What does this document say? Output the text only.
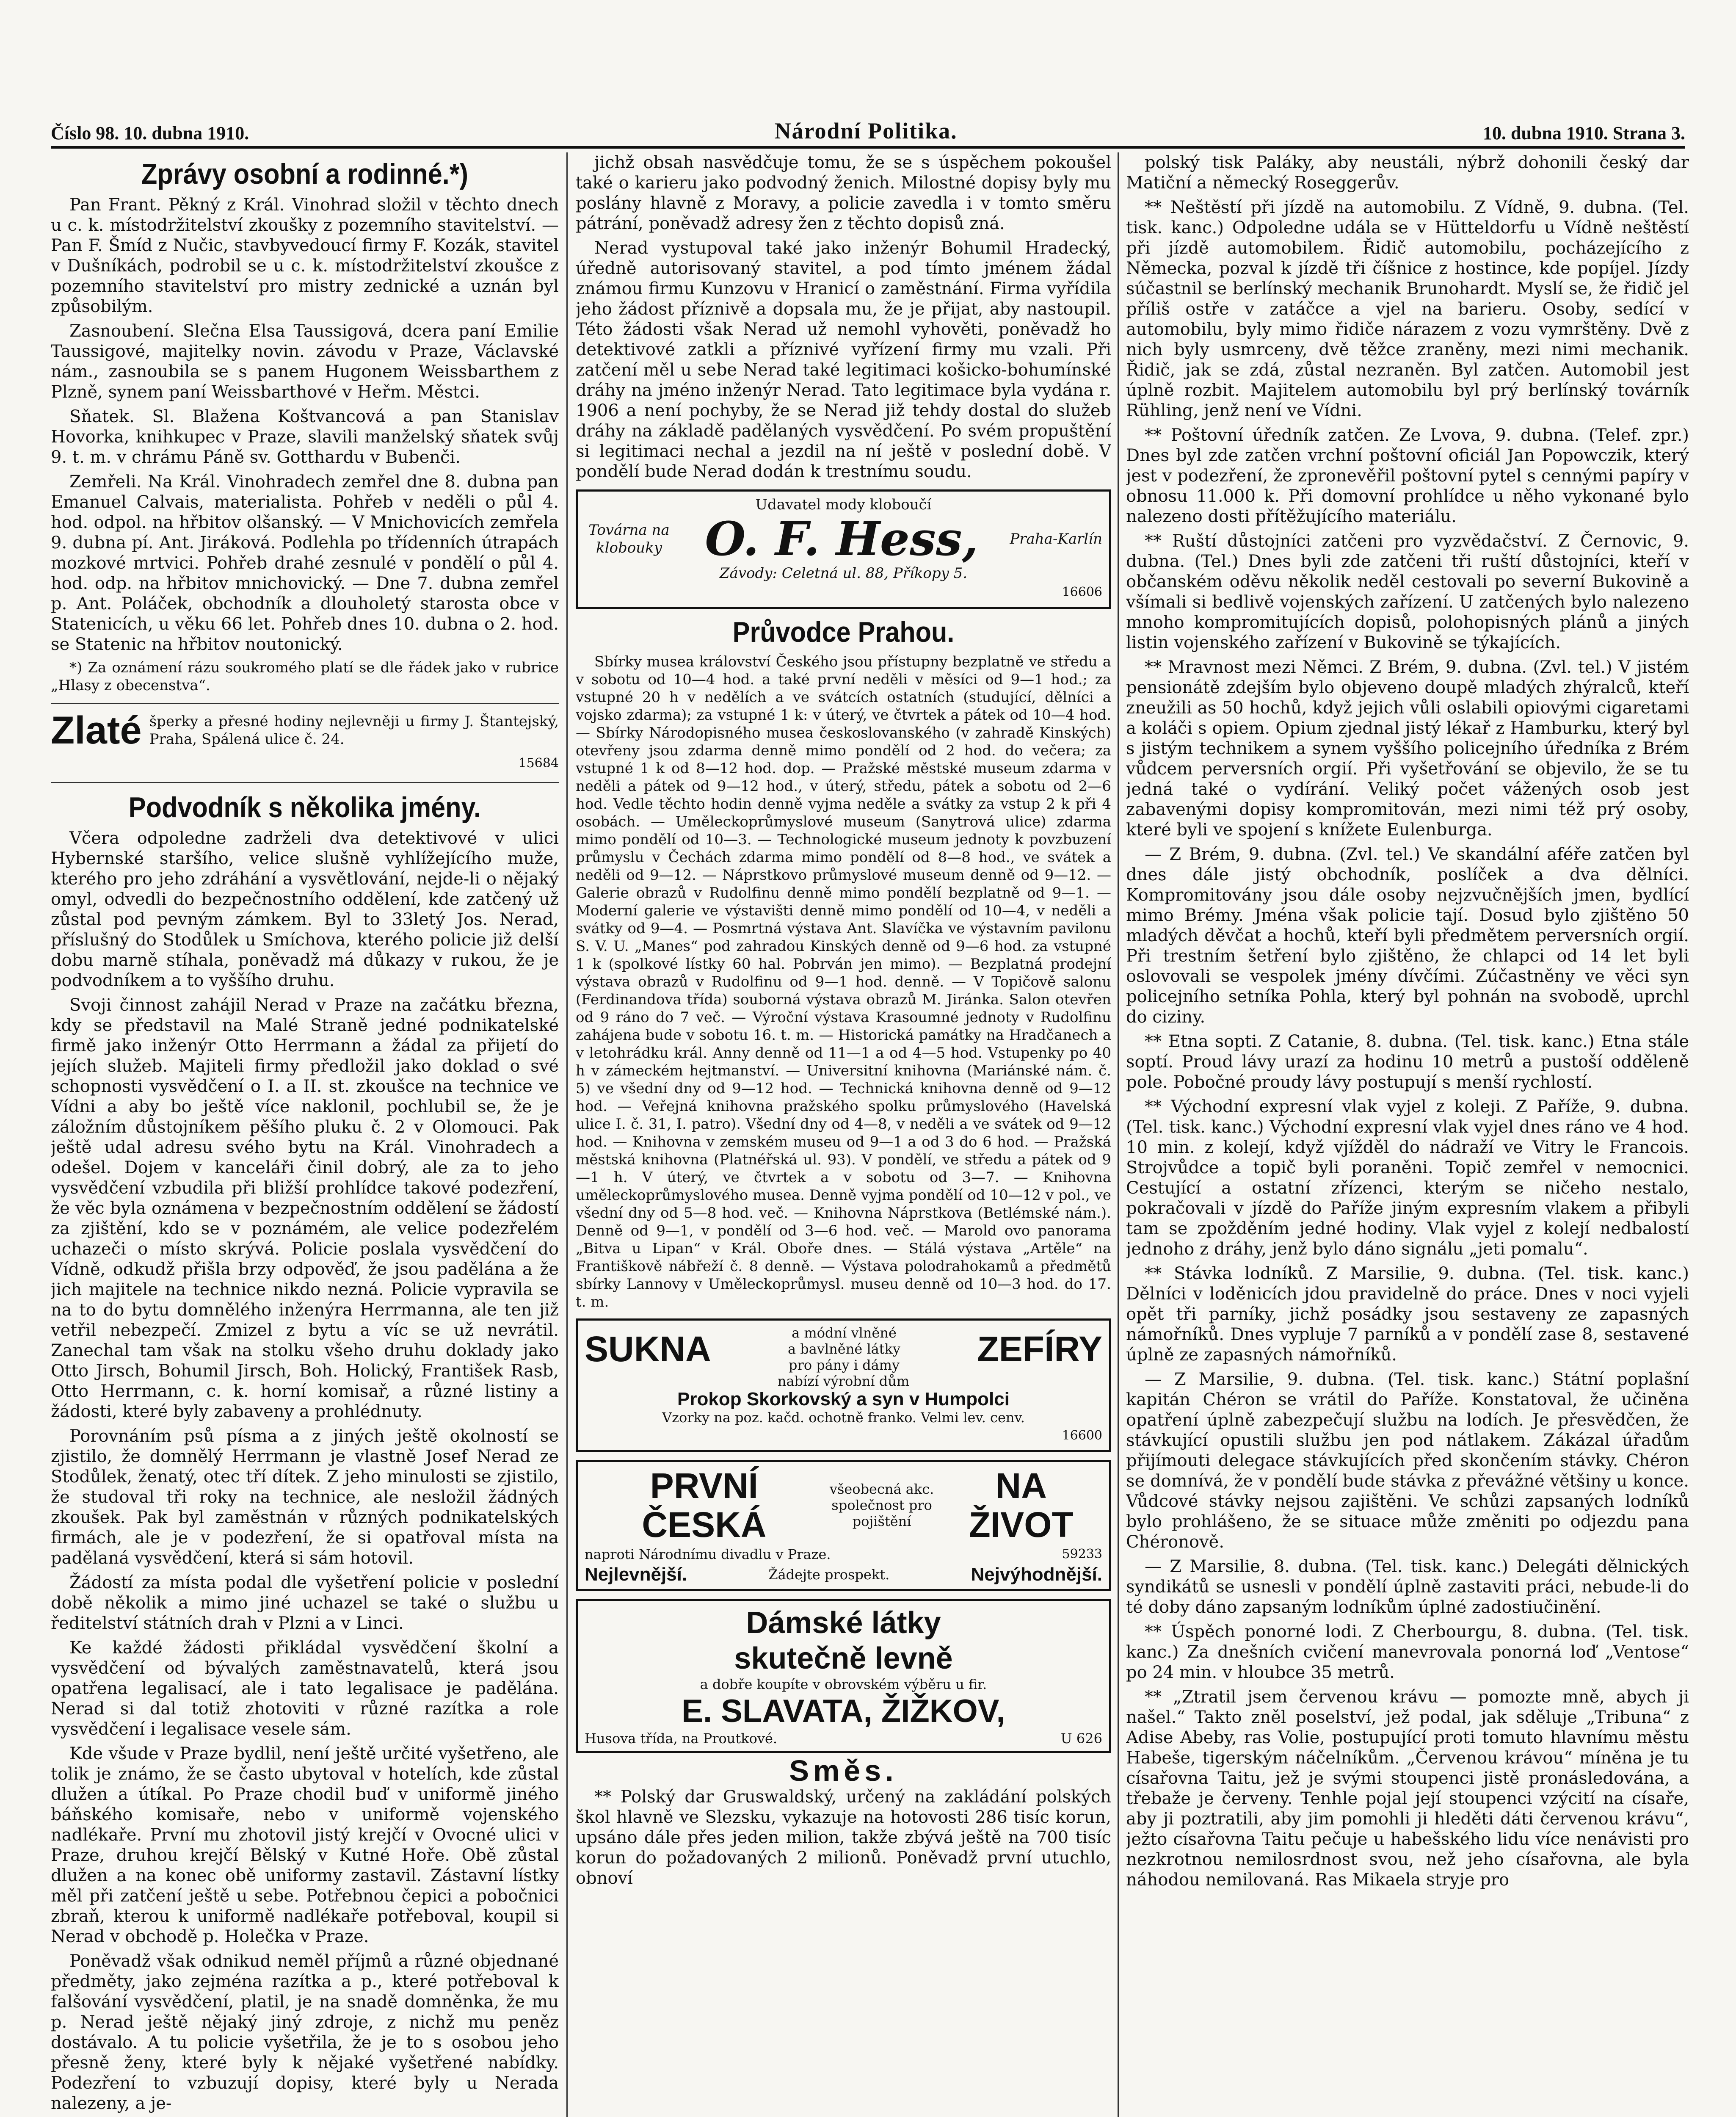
Číslo 98. 10. dubna 1910.	Národní Politika.	10. dubna 1910. Strana 3.
Zprávy osobní a rodinné.*)

Pan Frant. Pěkný z Král. Vinohrad složil v těchto dnech u c. k. místodržitelství zkoušky z pozemního stavitelství. — Pan F. Šmíd z Nučic, stavbyvedoucí firmy F. Kozák, stavitel v Dušníkách, podrobil se u c. k. místodržitelství zkoušce z pozemního stavitelství pro mistry zednické a uznán byl způsobilým.

Zasnoubení. Slečna Elsa Taussigová, dcera paní Emilie Taussigové, majitelky novin. závodu v Praze, Václavské nám., zasnoubila se s panem Hugonem Weissbarthem z Plzně, synem paní Weissbarthové v Heřm. Městci.

Sňatek. Sl. Blažena Koštvancová a pan Stanislav Hovorka, knihkupec v Praze, slavili manželský sňatek svůj 9. t. m. v chrámu Páně sv. Gotthardu v Bubenči.

Zemřeli. Na Král. Vinohradech zemřel dne 8. dubna pan Emanuel Calvais, materialista. Pohřeb v neděli o půl 4. hod. odpol. na hřbitov olšanský. — V Mnichovicích zemřela 9. dubna pí. Ant. Jiráková. Podlehla po třídenních útrapách mozkové mrtvici. Pohřeb drahé zesnulé v pondělí o půl 4. hod. odp. na hřbitov mnichovický. — Dne 7. dubna zemřel p. Ant. Poláček, obchodník a dlouholetý starosta obce v Statenicích, u věku 66 let. Pohřeb dnes 10. dubna o 2. hod. se Statenic na hřbitov noutonický.

*) Za oznámení rázu soukromého platí se dle řádek jako v rubrice „Hlasy z obecenstva“.

Zlaté šperky a přesné hodiny nejlevněji u firmy J. Štantejský, Praha, Spálená ulice č. 24.
15684
Podvodník s několika jmény.

Včera odpoledne zadrželi dva detektivové v ulici Hybernské staršího, velice slušně vyhlížejícího muže, kterého pro jeho zdráhání a vysvětlování, nejde-li o nějaký omyl, odvedli do bezpečnostního oddělení, kde zatčený už zůstal pod pevným zámkem. Byl to 33letý Jos. Nerad, příslušný do Stodůlek u Smíchova, kterého policie již delší dobu marně stíhala, poněvadž má důkazy v rukou, že je podvodníkem a to vyššího druhu.

Svoji činnost zahájil Nerad v Praze na začátku března, kdy se představil na Malé Straně jedné podnikatelské firmě jako inženýr Otto Herrmann a žádal za přijetí do jejích služeb. Majiteli firmy předložil jako doklad o své schopnosti vysvědčení o I. a II. st. zkoušce na technice ve Vídni a aby bo ještě více naklonil, pochlubil se, že je záložním důstojníkem pěšího pluku č. 2 v Olomouci. Pak ještě udal adresu svého bytu na Král. Vinohradech a odešel. Dojem v kanceláři činil dobrý, ale za to jeho vysvědčení vzbudila při bližší prohlídce takové podezření, že věc byla oznámena v bezpečnostním oddělení se žádostí za zjištění, kdo se v poznámém, ale velice podezřelém uchazeči o místo skrývá. Policie poslala vysvědčení do Vídně, odkudž přišla brzy odpověď, že jsou padělána a že jich majitele na technice nikdo nezná. Policie vypravila se na to do bytu domnělého inženýra Herrmanna, ale ten již vetřil nebezpečí. Zmizel z bytu a víc se už nevrátil. Zanechal tam však na stolku všeho druhu doklady jako Otto Jirsch, Bohumil Jirsch, Boh. Holický, František Rasb, Otto Herrmann, c. k. horní komisař, a různé listiny a žádosti, které byly zabaveny a prohlédnuty.

Porovnáním psů písma a z jiných ještě okolností se zjistilo, že domnělý Herrmann je vlastně Josef Nerad ze Stodůlek, ženatý, otec tří dítek. Z jeho minulosti se zjistilo, že studoval tři roky na technice, ale nesložil žádných zkoušek. Pak byl zaměstnán v různých podnikatelských firmách, ale je v podezření, že si opatřoval místa na padělaná vysvědčení, která si sám hotovil.

Žádostí za místa podal dle vyšetření policie v poslední době několik a mimo jiné uchazel se také o službu u ředitelství státních drah v Plzni a v Linci.

Ke každé žádosti přikládal vysvědčení školní a vysvědčení od bývalých zaměstnavatelů, která jsou opatřena legalisací, ale i tato legalisace je padělána. Nerad si dal totiž zhotoviti v různé razítka a role vysvědčení i legalisace vesele sám.

Kde všude v Praze bydlil, není ještě určité vyšetřeno, ale tolik je známo, že se často ubytoval v hotelích, kde zůstal dlužen a útíkal. Po Praze chodil buď v uniformě jiného báňského komisaře, nebo v uniformě vojenského nadlékaře. První mu zhotovil jistý krejčí v Ovocné ulici v Praze, druhou krejčí Bělský v Kutné Hoře. Obě zůstal dlužen a na konec obě uniformy zastavil. Zástavní lístky měl při zatčení ještě u sebe. Potřebnou čepici a pobočnici zbraň, kterou k uniformě nadlékaře potřeboval, koupil si Nerad v obchodě p. Holečka v Praze.

Poněvadž však odnikud neměl příjmů a různé objednané předměty, jako zejména razítka a p., které potřeboval k falšování vysvědčení, platil, je na snadě domněnka, že mu p. Nerad ještě nějaký jiný zdroje, z nichž mu peněz dostávalo. A tu policie vyšetřila, že je to s osobou jeho přesně ženy, které byly k nějaké vyšetřené nabídky. Podezření to vzbuzují dopisy, které byly u Nerada nalezeny, a je-

jichž obsah nasvědčuje tomu, že se s úspěchem pokoušel také o karieru jako podvodný ženich. Milostné dopisy byly mu poslány hlavně z Moravy, a policie zavedla i v tomto směru pátrání, poněvadž adresy žen z těchto dopisů zná.

Nerad vystupoval také jako inženýr Bohumil Hradecký, úředně autorisovaný stavitel, a pod tímto jménem žádal známou firmu Kunzovu v Hranicí o zaměstnání. Firma vyřídila jeho žádost příznivě a dopsala mu, že je přijat, aby nastoupil. Této žádosti však Nerad už nemohl vyhověti, poněvadž ho detektivové zatkli a příznivé vyřízení firmy mu vzali. Při zatčení měl u sebe Nerad také legitimaci košicko-bohumínské dráhy na jméno inženýr Nerad. Tato legitimace byla vydána r. 1906 a není pochyby, že se Nerad již tehdy dostal do služeb dráhy na základě padělaných vysvědčení. Po svém propuštění si legitimaci nechal a jezdil na ní ještě v poslední době. V pondělí bude Nerad dodán k trestnímu soudu.

Udavatel mody kloboučí
Továrna na klobouky O. F. Hess, Praha-Karlín
Závody: Celetná ul. 88, Příkopy 5.
16606
Průvodce Prahou.

Sbírky musea království Českého jsou přístupny bezplatně ve středu a v sobotu od 10—4 hod. a také první neděli v měsíci od 9—1 hod.; za vstupné 20 h v nedělích a ve svátcích ostatních (studující, dělníci a vojsko zdarma); za vstupné 1 k: v úterý, ve čtvrtek a pátek od 10—4 hod. — Sbírky Národopisného musea českoslovanského (v zahradě Kinských) otevřeny jsou zdarma denně mimo pondělí od 2 hod. do večera; za vstupné 1 k od 8—12 hod. dop. — Pražské městské museum zdarma v neděli a pátek od 9—12 hod., v úterý, středu, pátek a sobotu od 2—6 hod. Vedle těchto hodin denně vyjma neděle a svátky za vstup 2 k při 4 osobách. — Uměleckoprůmyslové museum (Sanytrová ulice) zdarma mimo pondělí od 10—3. — Technologické museum jednoty k povzbuzení průmyslu v Čechách zdarma mimo pondělí od 8—8 hod., ve svátek a neděli od 9—12. — Náprstkovo průmyslové museum denně od 9—12. — Galerie obrazů v Rudolfinu denně mimo pondělí bezplatně od 9—1. — Moderní galerie ve výstavišti denně mimo pondělí od 10—4, v neděli a svátky od 9—4. — Posmrtná výstava Ant. Slavíčka ve výstavním pavilonu S. V. U. „Manes“ pod zahradou Kinských denně od 9—6 hod. za vstupné 1 k (spolkové lístky 60 hal. Pobrván jen mimo). — Bezplatná prodejní výstava obrazů v Rudolfinu od 9—1 hod. denně. — V Topičově salonu (Ferdinandova třída) souborná výstava obrazů M. Jiránka. Salon otevřen od 9 ráno do 7 več. — Výroční výstava Krasoumné jednoty v Rudolfinu zahájena bude v sobotu 16. t. m. — Historická památky na Hradčanech a v letohrádku král. Anny denně od 11—1 a od 4—5 hod. Vstupenky po 40 h v zámeckém hejtmanství. — Universitní knihovna (Mariánské nám. č. 5) ve všední dny od 9—12 hod. — Technická knihovna denně od 9—12 hod. — Veřejná knihovna pražského spolku průmyslového (Havelská ulice I. č. 31, I. patro). Všední dny od 4—8, v neděli a ve svátek od 9—12 hod. — Knihovna v zemském museu od 9—1 a od 3 do 6 hod. — Pražská městská knihovna (Platnéřská ul. 93). V pondělí, ve středu a pátek od 9—1 h. V úterý, ve čtvrtek a v sobotu od 3—7. — Knihovna uměleckoprůmyslového musea. Denně vyjma pondělí od 10—12 v pol., ve všední dny od 5—8 hod. več. — Knihovna Náprstkova (Betlémské nám.). Denně od 9—1, v pondělí od 3—6 hod. več. — Marold ovo panorama „Bitva u Lipan“ v Král. Oboře dnes. — Stálá výstava „Artěle“ na Františkově nábřeží č. 8 denně. — Výstava polodrahokamů a předmětů sbírky Lannovy v Uměleckoprůmysl. museu denně od 10—3 hod. do 17. t. m.

SUKNA	a módní vlněné a bavlněné látky pro pány i dámy ZEFÍRY
nabízí výrobní dům
Prokop Skorkovský a syn v Humpolci
Vzorky na poz. kačd. ochotně franko. Velmi lev. cenv.
16600
PRVNÍ ČESKÁ
všeobecná akc. společnost pro pojištění
NA ŽIVOT
naproti Národnímu divadlu v Praze.	59233
Nejlevnější.	Žádejte prospekt.	Nejvýhodnější.
Dámské látky
skutečně levně
a dobře koupíte v obrovském výběru u fir.
E. SLAVATA, ŽIŽKOV,
Husova třída, na Proutkové.	U 626
Směs.

** Polský dar Gruswaldský, určený na zakládání polských škol hlavně ve Slezsku, vykazuje na hotovosti 286 tisíc korun, upsáno dále přes jeden milion, takže zbývá ještě na 700 tisíc korun do požadovaných 2 milionů. Poněvadž první utuchlo, obnoví

polský tisk Paláky, aby neustáli, nýbrž dohonili český dar Matiční a německý Roseggerův.

** Neštěstí při jízdě na automobilu. Z Vídně, 9. dubna. (Tel. tisk. kanc.) Odpoledne udála se v Hütteldorfu u Vídně neštěstí při jízdě automobilem. Řidič automobilu, pocházejícího z Německa, pozval k jízdě tři číšnice z hostince, kde popíjel. Jízdy súčastnil se berlínský mechanik Brunohardt. Myslí se, že řidič jel příliš ostře v zatáčce a vjel na barieru. Osoby, sedící v automobilu, byly mimo řidiče nárazem z vozu vymrštěny. Dvě z nich byly usmrceny, dvě těžce zraněny, mezi nimi mechanik. Řidič, jak se zdá, zůstal nezraněn. Byl zatčen. Automobil jest úplně rozbit. Majitelem automobilu byl prý berlínský továrník Rühling, jenž není ve Vídni.

** Poštovní úředník zatčen. Ze Lvova, 9. dubna. (Telef. zpr.) Dnes byl zde zatčen vrchní poštovní oficiál Jan Popowczik, který jest v podezření, že zpronevěřil poštovní pytel s cennými papíry v obnosu 11.000 k. Při domovní prohlídce u něho vykonané bylo nalezeno dosti přítěžujícího materiálu.

** Ruští důstojníci zatčeni pro vyzvědačství. Z Černovic, 9. dubna. (Tel.) Dnes byli zde zatčeni tři ruští důstojníci, kteří v občanském oděvu několik neděl cestovali po severní Bukovině a všímali si bedlivě vojenských zařízení. U zatčených bylo nalezeno mnoho kompromitujících dopisů, polohopisných plánů a jiných listin vojenského zařízení v Bukovině se týkajících.

** Mravnost mezi Němci. Z Brém, 9. dubna. (Zvl. tel.) V jistém pensionátě zdejším bylo objeveno doupě mladých zhýralců, kteří zneužili as 50 hochů, když jejich vůli oslabili opiovými cigaretami a koláči s opiem. Opium zjednal jistý lékař z Hamburku, který byl s jistým technikem a synem vyššího policejního úředníka z Brém vůdcem perversních orgií. Při vyšetřování se objevilo, že se tu jedná také o vydírání. Veliký počet vážených osob jest zabavenými dopisy kompromitován, mezi nimi též prý osoby, které byli ve spojení s knížete Eulenburga.

— Z Brém, 9. dubna. (Zvl. tel.) Ve skandální aféře zatčen byl dnes dále jistý obchodník, poslíček a dva dělníci. Kompromitovány jsou dále osoby nejzvučnějších jmen, bydlící mimo Brémy. Jména však policie tají. Dosud bylo zjištěno 50 mladých děvčat a hochů, kteří byli předmětem perversních orgií. Při trestním šetření bylo zjištěno, že chlapci od 14 let byli oslovovali se vespolek jmény dívčími. Zúčastněny ve věci syn policejního setníka Pohla, který byl pohnán na svobodě, uprchl do ciziny.

** Etna sopti. Z Catanie, 8. dubna. (Tel. tisk. kanc.) Etna stále soptí. Proud lávy urazí za hodinu 10 metrů a pustoší odděleně pole. Pobočné proudy lávy postupují s menší rychlostí.

** Východní expresní vlak vyjel z koleji. Z Paříže, 9. dubna. (Tel. tisk. kanc.) Východní expresní vlak vyjel dnes ráno ve 4 hod. 10 min. z kolejí, když vjížděl do nádraží ve Vitry le Francois. Strojvůdce a topič byli poraněni. Topič zemřel v nemocnici. Cestující a ostatní zřízenci, kterým se ničeho nestalo, pokračovali v jízdě do Paříže jiným expresním vlakem a přibyli tam se zpožděním jedné hodiny. Vlak vyjel z kolejí nedbalostí jednoho z dráhy, jenž bylo dáno signálu „jeti pomalu“.

** Stávka lodníků. Z Marsilie, 9. dubna. (Tel. tisk. kanc.) Dělníci v loděnicích jdou pravidelně do práce. Dnes v noci vyjeli opět tři parníky, jichž posádky jsou sestaveny ze zapasných námořníků. Dnes vypluje 7 parníků a v pondělí zase 8, sestavené úplně ze zapasných námořníků.

— Z Marsilie, 9. dubna. (Tel. tisk. kanc.) Státní poplašní kapitán Chéron se vrátil do Paříže. Konstatoval, že učiněna opatření úplně zabezpečují službu na lodích. Je přesvědčen, že stávkující opustili službu jen pod nátlakem. Zákázal úřadům přijímouti delegace stávkujících před skončením stávky. Chéron se domnívá, že v pondělí bude stávka z převážné většiny u konce. Vůdcové stávky nejsou zajištěni. Ve schůzi zapsaných lodníků bylo prohlášeno, že se situace může změniti po odjezdu pana Chéronově.

— Z Marsilie, 8. dubna. (Tel. tisk. kanc.) Delegáti dělnických syndikátů se usnesli v pondělí úplně zastaviti práci, nebude-li do té doby dáno zapsaným lodníkům úplné zadostiučinění.

** Úspěch ponorné lodi. Z Cherbourgu, 8. dubna. (Tel. tisk. kanc.) Za dnešních cvičení manevrovala ponorná loď „Ventose“ po 24 min. v hloubce 35 metrů.

** „Ztratil jsem červenou krávu — pomozte mně, abych ji našel.“ Takto zněl poselství, jež podal, jak sděluje „Tribuna“ z Adise Abeby, ras Volie, postupující proti tomuto hlavnímu městu Habeše, tigerským náčelníkům. „Červenou krávou“ míněna je tu císařovna Taitu, jež je svými stoupenci jistě pronásledována, a třebaže je červeny. Tenhle pojal její stoupenci vzýcití na císaře, aby ji poztratili, aby jim pomohli ji hleděti dáti červenou krávu“, ježto císařovna Taitu pečuje u habešského lidu více nenávisti pro nezkrotnou nemilosrdnost svou, než jeho císařovna, ale byla náhodou nemilovaná. Ras Mikaela stryje pro
